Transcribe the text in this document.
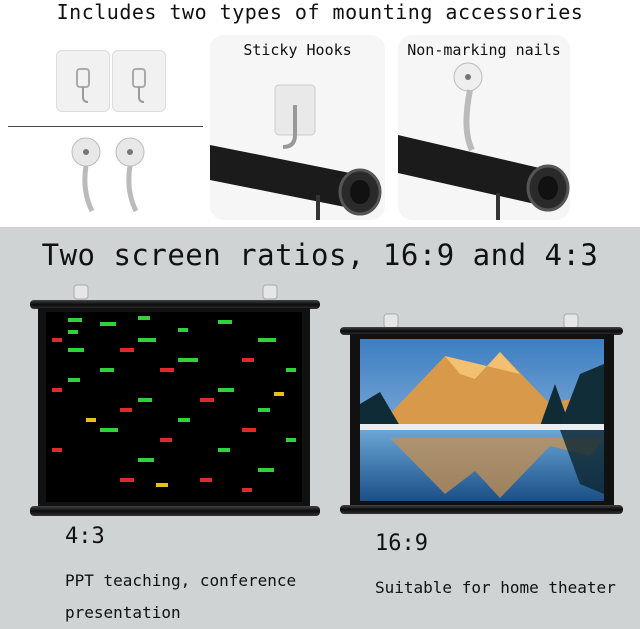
Includes two types of mounting accessories
Sticky Hooks	Non-marking nails
Two screen ratios, 16:9 and 4:3
4:3
PPT teaching, conference presentation
16:9
Suitable for home theater
